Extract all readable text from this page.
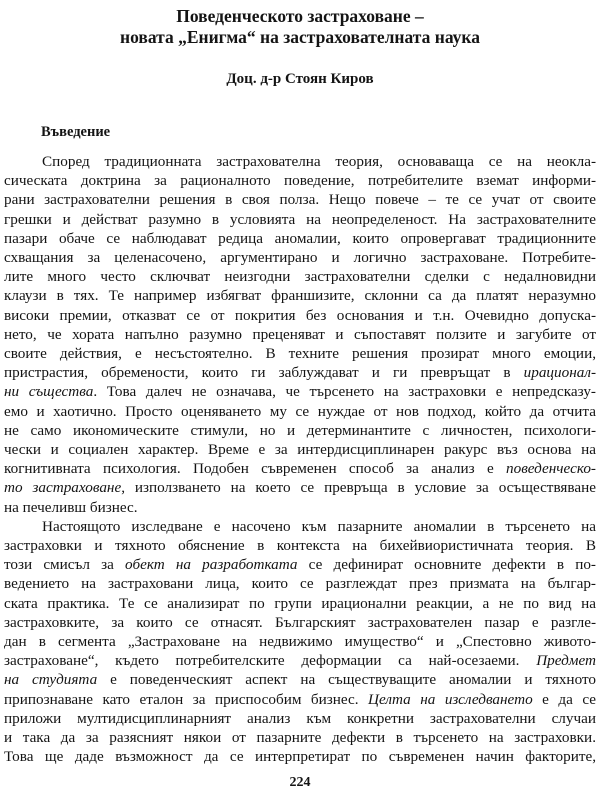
Поведенческото застраховане –
новата „Енигма“ на застрахователната наука
Доц. д-р Стоян Киров
Въведение
Според традиционната застрахователна теория, основаваща се на неокла-
сическата доктрина за рационалното поведение, потребителите вземат информи-
рани застрахователни решения в своя полза. Нещо повече – те се учат от своите
грешки и действат разумно в условията на неопределеност. На застрахователните
пазари обаче се наблюдават редица аномалии, които опровергават традиционните
схващания за целенасочено, аргументирано и логично застраховане. Потребите-
лите много често сключват неизгодни застрахователни сделки с недалновидни
клаузи в тях. Те например избягват франшизите, склонни са да платят неразумно
високи премии, отказват се от покрития без основания и т.н. Очевидно допуска-
нето, че хората напълно разумно преценяват и съпоставят ползите и загубите от
своите действия, е несъстоятелно. В техните решения прозират много емоции,
пристрастия, обремености, които ги заблуждават и ги превръщат в ирационал-
ни същества. Това далеч не означава, че търсенето на застраховки е непредсказу-
емо и хаотично. Просто оценяването му се нуждае от нов подход, който да отчита
не само икономическите стимули, но и детерминантите с личностен, психологи-
чески и социален характер. Време е за интердисциплинарен ракурс въз основа на
когнитивната психология. Подобен съвременен способ за анализ е поведенческо-
то застраховане, използването на което се превръща в условие за осъществяване
на печеливш бизнес.
Настоящото изследване е насочено към пазарните аномалии в търсенето на
застраховки и тяхното обяснение в контекста на бихейвиористичната теория. В
този смисъл за обект на разработката се дефинират основните дефекти в по-
ведението на застраховани лица, които се разглеждат през призмата на българ-
ската практика. Те се анализират по групи ирационални реакции, а не по вид на
застраховките, за които се отнасят. Българският застрахователен пазар е разгле-
дан в сегмента „Застраховане на недвижимо имущество“ и „Спестовно живото-
застраховане“, където потребителските деформации са най-осезаеми. Предмет
на студията е поведенческият аспект на съществуващите аномалии и тяхното
припознаване като еталон за приспособим бизнес. Целта на изследването е да се
приложи мултидисциплинарният анализ към конкретни застрахователни случаи
и така да за разясният някои от пазарните дефекти в търсенето на застраховки.
Това ще даде възможност да се интерпретират по съвременен начин факторите,
224
